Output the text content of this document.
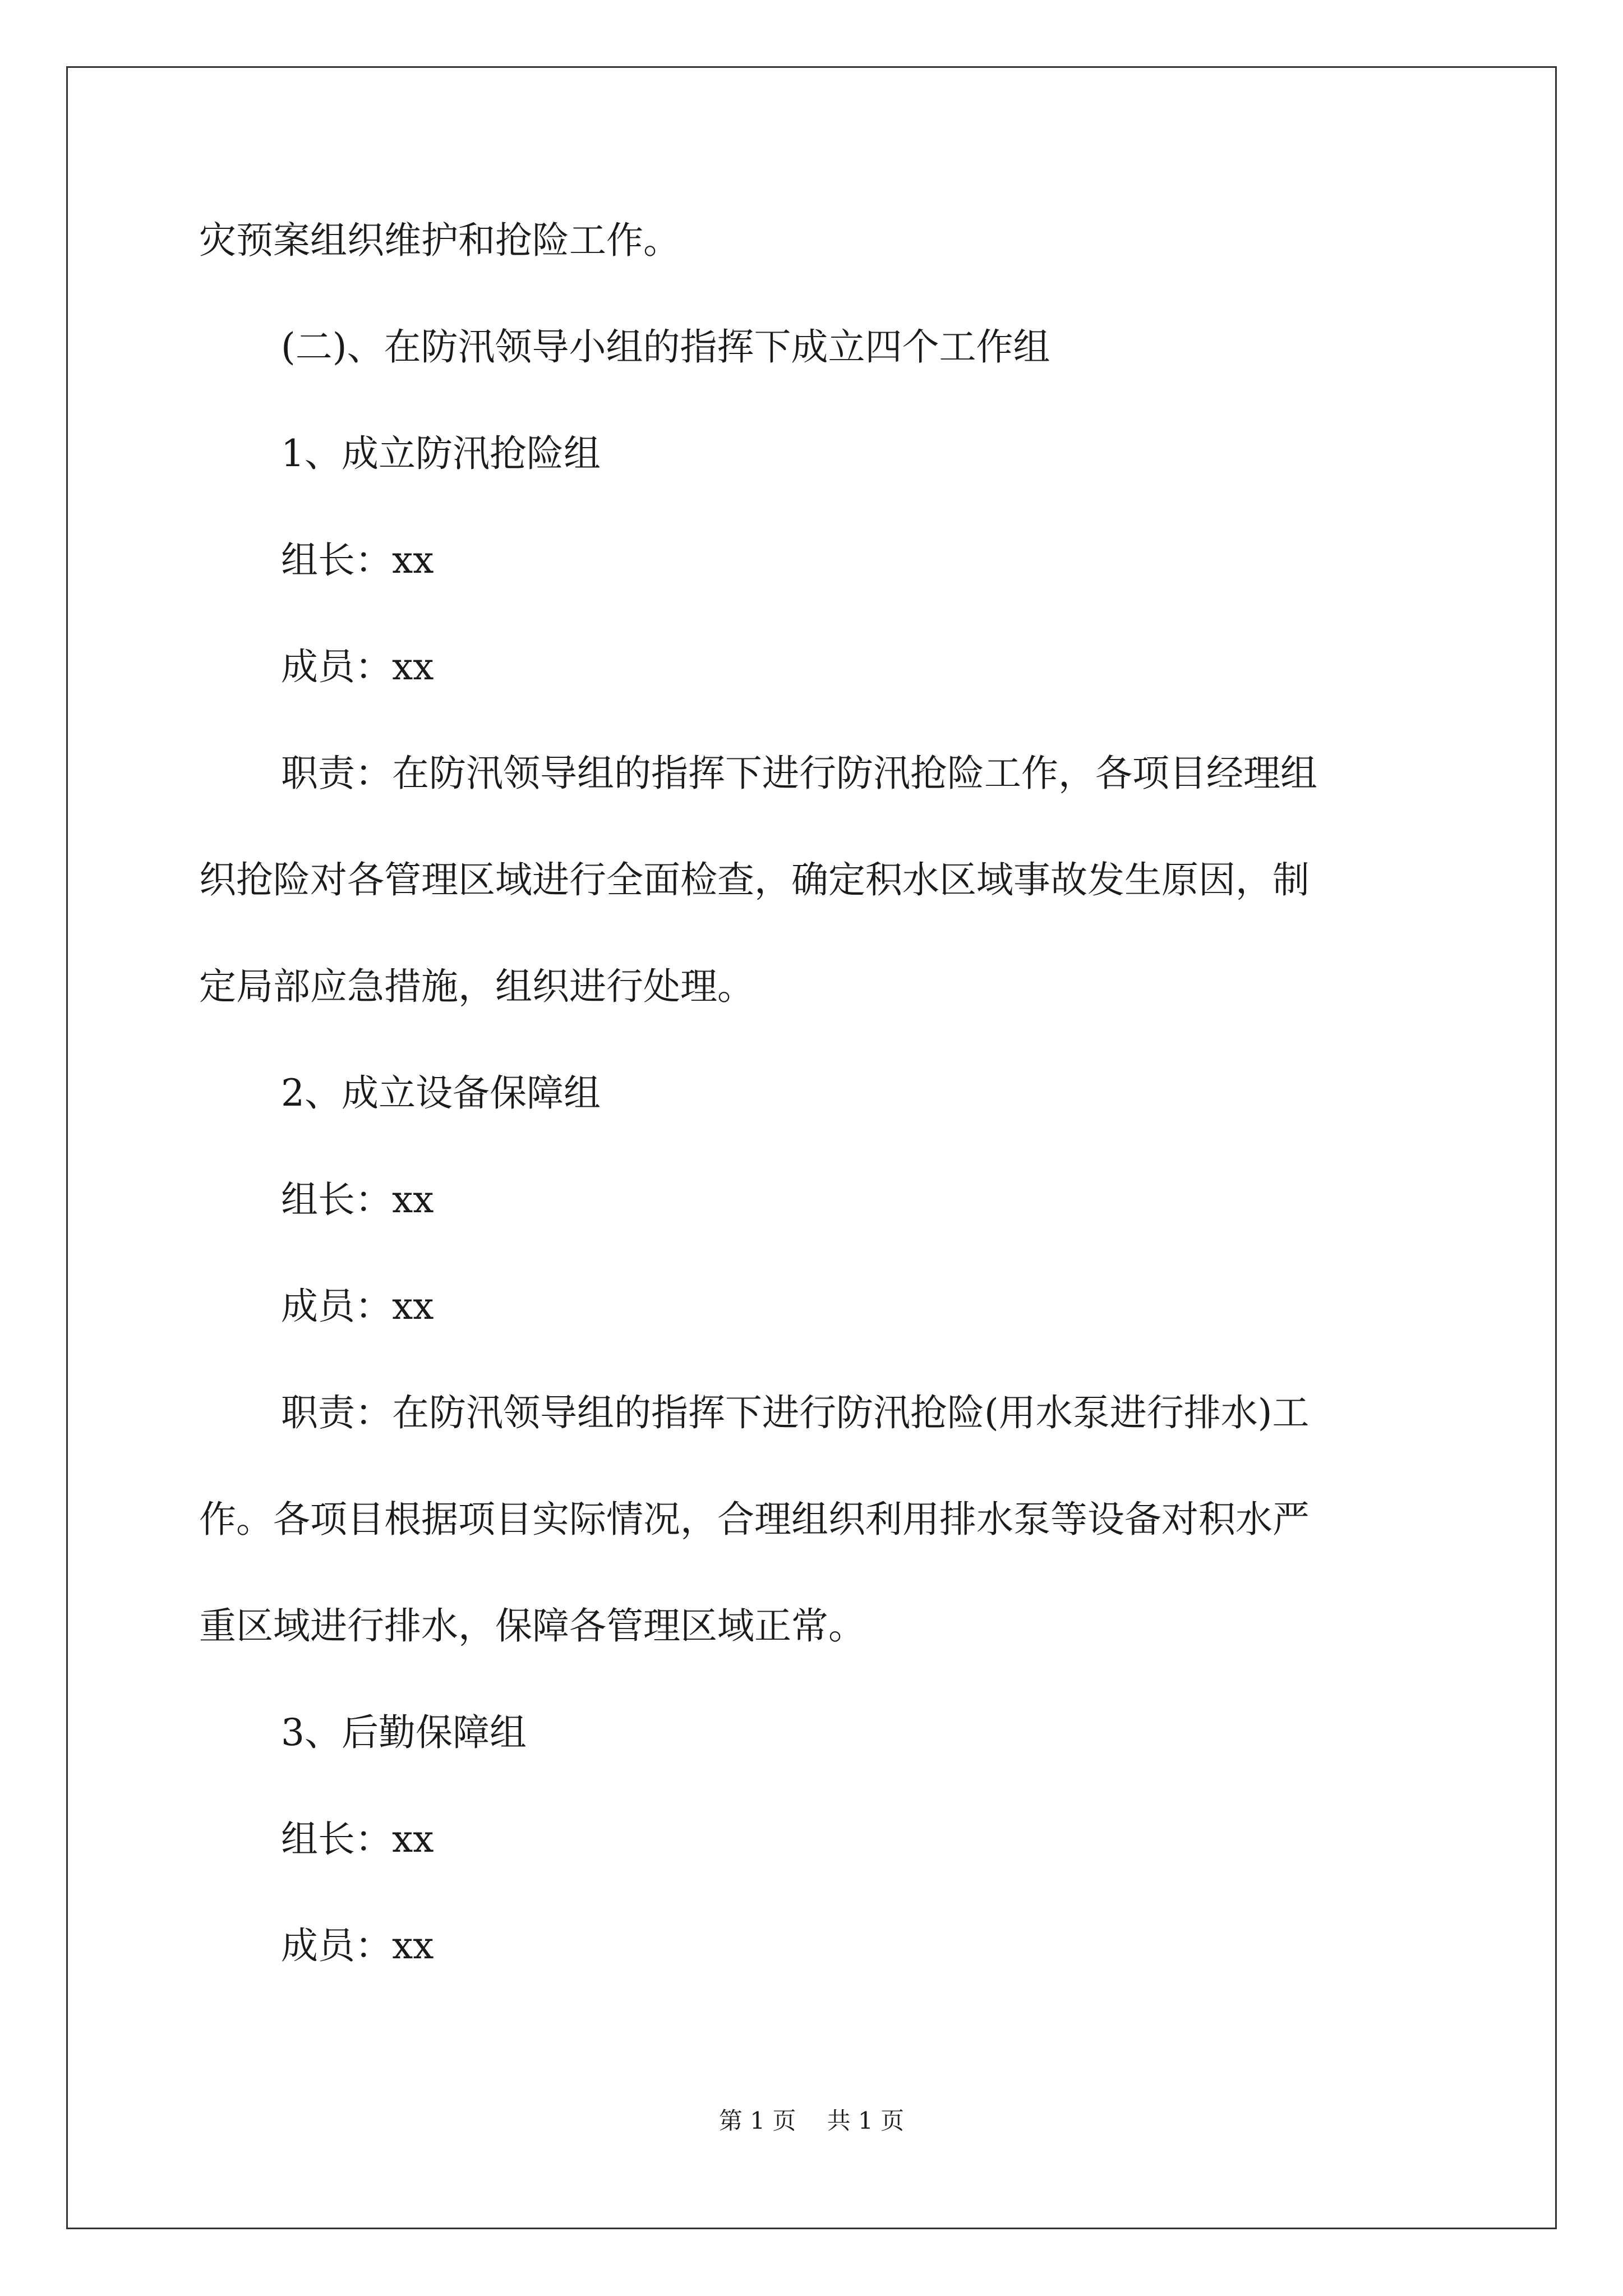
灾预案组织维护和抢险工作。

(二)、在防汛领导小组的指挥下成立四个工作组

1、成立防汛抢险组

组长：xx

成员：xx

职责：在防汛领导组的指挥下进行防汛抢险工作，各项目经理组

织抢险对各管理区域进行全面检查，确定积水区域事故发生原因，制

定局部应急措施，组织进行处理。

2、成立设备保障组

组长：xx

成员：xx

职责：在防汛领导组的指挥下进行防汛抢险(用水泵进行排水)工

作。各项目根据项目实际情况，合理组织利用排水泵等设备对积水严

重区域进行排水，保障各管理区域正常。

3、后勤保障组

组长：xx

成员：xx

第 1 页　 共 1 页
